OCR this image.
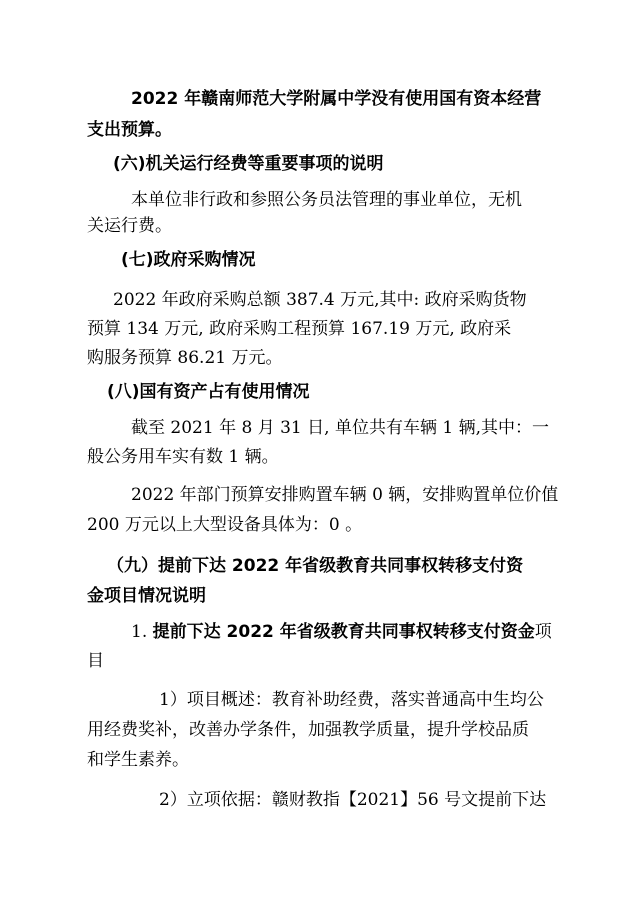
2022 年赣南师范大学附属中学没有使用国有资本经营
支出预算。
(六)机关运行经费等重要事项的说明
本单位非行政和参照公务员法管理的事业单位，无机
关运行费。
(七)政府采购情况
2022 年政府采购总额 387.4 万元,其中: 政府采购货物
预算 134 万元, 政府采购工程预算 167.19 万元, 政府采
购服务预算 86.21 万元。
(八)国有资产占有使用情况
截至 2021 年 8 月 31 日, 单位共有车辆 1 辆,其中：一
般公务用车实有数 1 辆。
2022 年部门预算安排购置车辆 0 辆，安排购置单位价值
200 万元以上大型设备具体为：0 。
（九）提前下达 2022 年省级教育共同事权转移支付资
金项目情况说明
1. 提前下达 2022 年省级教育共同事权转移支付资金项
目
1）项目概述：教育补助经费，落实普通高中生均公
用经费奖补，改善办学条件，加强教学质量，提升学校品质
和学生素养。
2）立项依据：赣财教指【2021】56 号文提前下达
